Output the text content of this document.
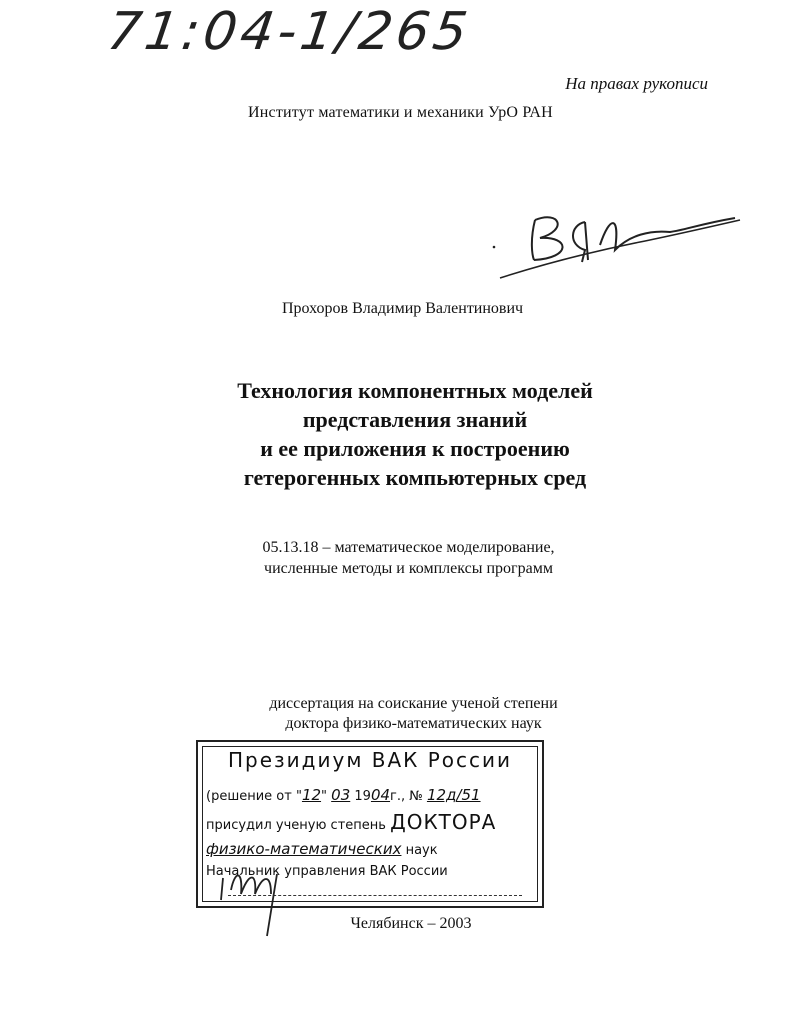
71:04-1/265
На правах рукописи
Институт математики и механики УрО РАН
Прохоров Владимир Валентинович
Технология компонентных моделей
представления знаний
и ее приложения к построению
гетерогенных компьютерных сред
05.13.18 – математическое моделирование,
численные методы и комплексы программ
диссертация на соискание ученой степени
доктора физико-математических наук
Президиум ВАК России
(решение от "12" 03 1904г., № 12д/51
присудил ученую степень ДОКТОРА
физико-математических наук
Начальник управления ВАК России
Челябинск – 2003
